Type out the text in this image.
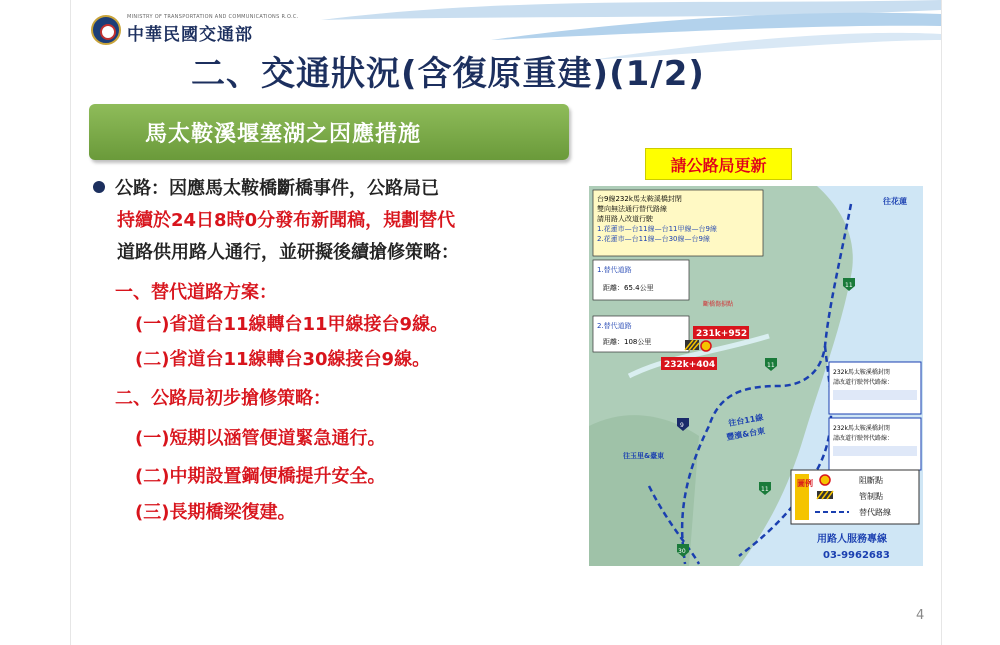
MINISTRY OF TRANSPORTATION AND COMMUNICATIONS R.O.C.
中華民國交通部
二、交通狀況(含復原重建)(1/2)
馬太鞍溪堰塞湖之因應措施
請公路局更新
公路：因應馬太鞍橋斷橋事件，公路局已
持續於24日8時0分發布新聞稿，規劃替代
道路供用路人通行，並研擬後續搶修策略：
一、替代道路方案：
(一)省道台11線轉台11甲線接台9線。
(二)省道台11線轉台30線接台9線。
二、公路局初步搶修策略：
(一)短期以涵管便道緊急通行。
(二)中期設置鋼便橋提升安全。
(三)長期橋梁復建。
台9線232k馬太鞍溪橋封閉
雙向無法通行替代路線
請用路人改道行駛
1.花蓮市—台11線—台11甲線—台9線
2.花蓮市—台11線—台30線—台9線
1.替代道路
距離：65.4公里
2.替代道路
距離：108公里
斷橋傷損點
231k+952
232k+404
往花蓮
往玉里&臺東
往台11線
豐濱&台東
11
11
9
11
30
232k馬太鞍溪橋封閉
請改道行駛替代路線：
232k馬太鞍溪橋封閉
請改道行駛替代路線：
圖例	阻斷點
管制點
替代路線
用路人服務專線
03-9962683
4
